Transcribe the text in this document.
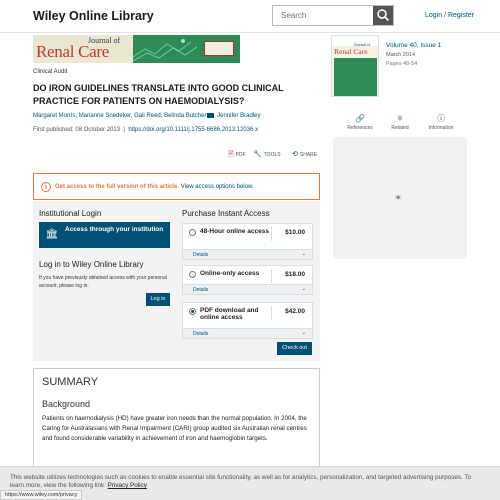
Wiley Online Library
Search	Login / Register
Journal of
Renal Care
Clinical Audit
DO IRON GUIDELINES TRANSLATE INTO GOOD CLINICAL PRACTICE FOR PATIENTS ON HAEMODIALYSIS?
Margaret Morris, Marianne Snedeker, Gail Reed, Belinda Butcher Jennifer Bradley
First published: 08 October 2013  |  https://doi.org/10.1111/j.1755-6686.2013.12036.x
Journal of
Renal Care
Volume 40, Issue 1
March 2014
Pages 49-54
🔗
References
⚛
Related
ⓘ
Information
✶
🗎 PDF 🔧 TOOLS ⟲ SHARE
i	Get access to the full version of this article. View access options below.
Institutional Login
🏛 Access through your institution
Log in to Wiley Online Library
If you have previously obtained access with your personal account, please log in.
Log in
Purchase Instant Access
48-Hour online access $10.00
Details	⌄
Online-only access	$18.00
Details	⌄
PDF download and online access
$42.00
Details	⌄
Check out
SUMMARY
Background
Patients on haemodialysis (HD) have greater iron needs than the normal population. In 2004, the Caring for Australasians with Renal Impairment (CARI) group audited six Australian renal centres and found considerable variability in achievement of iron and haemoglobin targets.
This website utilizes technologies such as cookies to enable essential site functionality, as well as for analytics, personalization, and targeted advertising purposes. To learn more, view the following link: Privacy Policy
https://www.wiley.com/privacy
